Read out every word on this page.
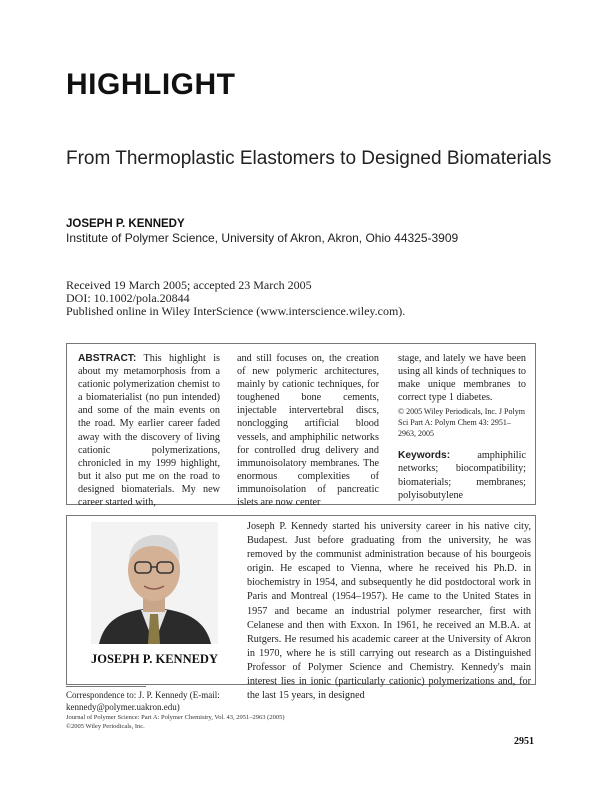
HIGHLIGHT
From Thermoplastic Elastomers to Designed Biomaterials
JOSEPH P. KENNEDY
Institute of Polymer Science, University of Akron, Akron, Ohio 44325-3909
Received 19 March 2005; accepted 23 March 2005
DOI: 10.1002/pola.20844
Published online in Wiley InterScience (www.interscience.wiley.com).
ABSTRACT: This highlight is about my metamorphosis from a cationic polymerization chemist to a biomaterialist (no pun intended) and some of the main events on the road. My earlier career faded away with the discovery of living cationic polymerizations, chronicled in my 1999 highlight, but it also put me on the road to designed biomaterials. My new career started with,
and still focuses on, the creation of new polymeric architectures, mainly by cationic techniques, for toughened bone cements, injectable intervertebral discs, nonclogging artificial blood vessels, and amphiphilic networks for controlled drug delivery and immunoisolatory membranes. The enormous complexities of immunoisolation of pancreatic islets are now center
stage, and lately we have been using all kinds of techniques to make unique membranes to correct type 1 diabetes.
© 2005 Wiley Periodicals, Inc. J Polym Sci Part A: Polym Chem 43: 2951–2963, 2005
Keywords:	amphiphilic networks; biocompatibility; biomaterials; membranes; polyisobutylene
JOSEPH P. KENNEDY
Joseph P. Kennedy started his university career in his native city, Budapest. Just before graduating from the university, he was removed by the communist administration because of his bourgeois origin. He escaped to Vienna, where he received his Ph.D. in biochemistry in 1954, and subsequently he did postdoctoral work in Paris and Montreal (1954–1957). He came to the United States in 1957 and became an industrial polymer researcher, first with Celanese and then with Exxon. In 1961, he received an M.B.A. at Rutgers. He resumed his academic career at the University of Akron in 1970, where he is still carrying out research as a Distinguished Professor of Polymer Science and Chemistry. Kennedy's main interest lies in ionic (particularly cationic) polymerizations and, for the last 15 years, in designed
Correspondence to: J. P. Kennedy (E-mail: kennedy@polymer.uakron.edu)
Journal of Polymer Science: Part A: Polymer Chemistry, Vol. 43, 2951–2963 (2005)
©2005 Wiley Periodicals, Inc.
2951
